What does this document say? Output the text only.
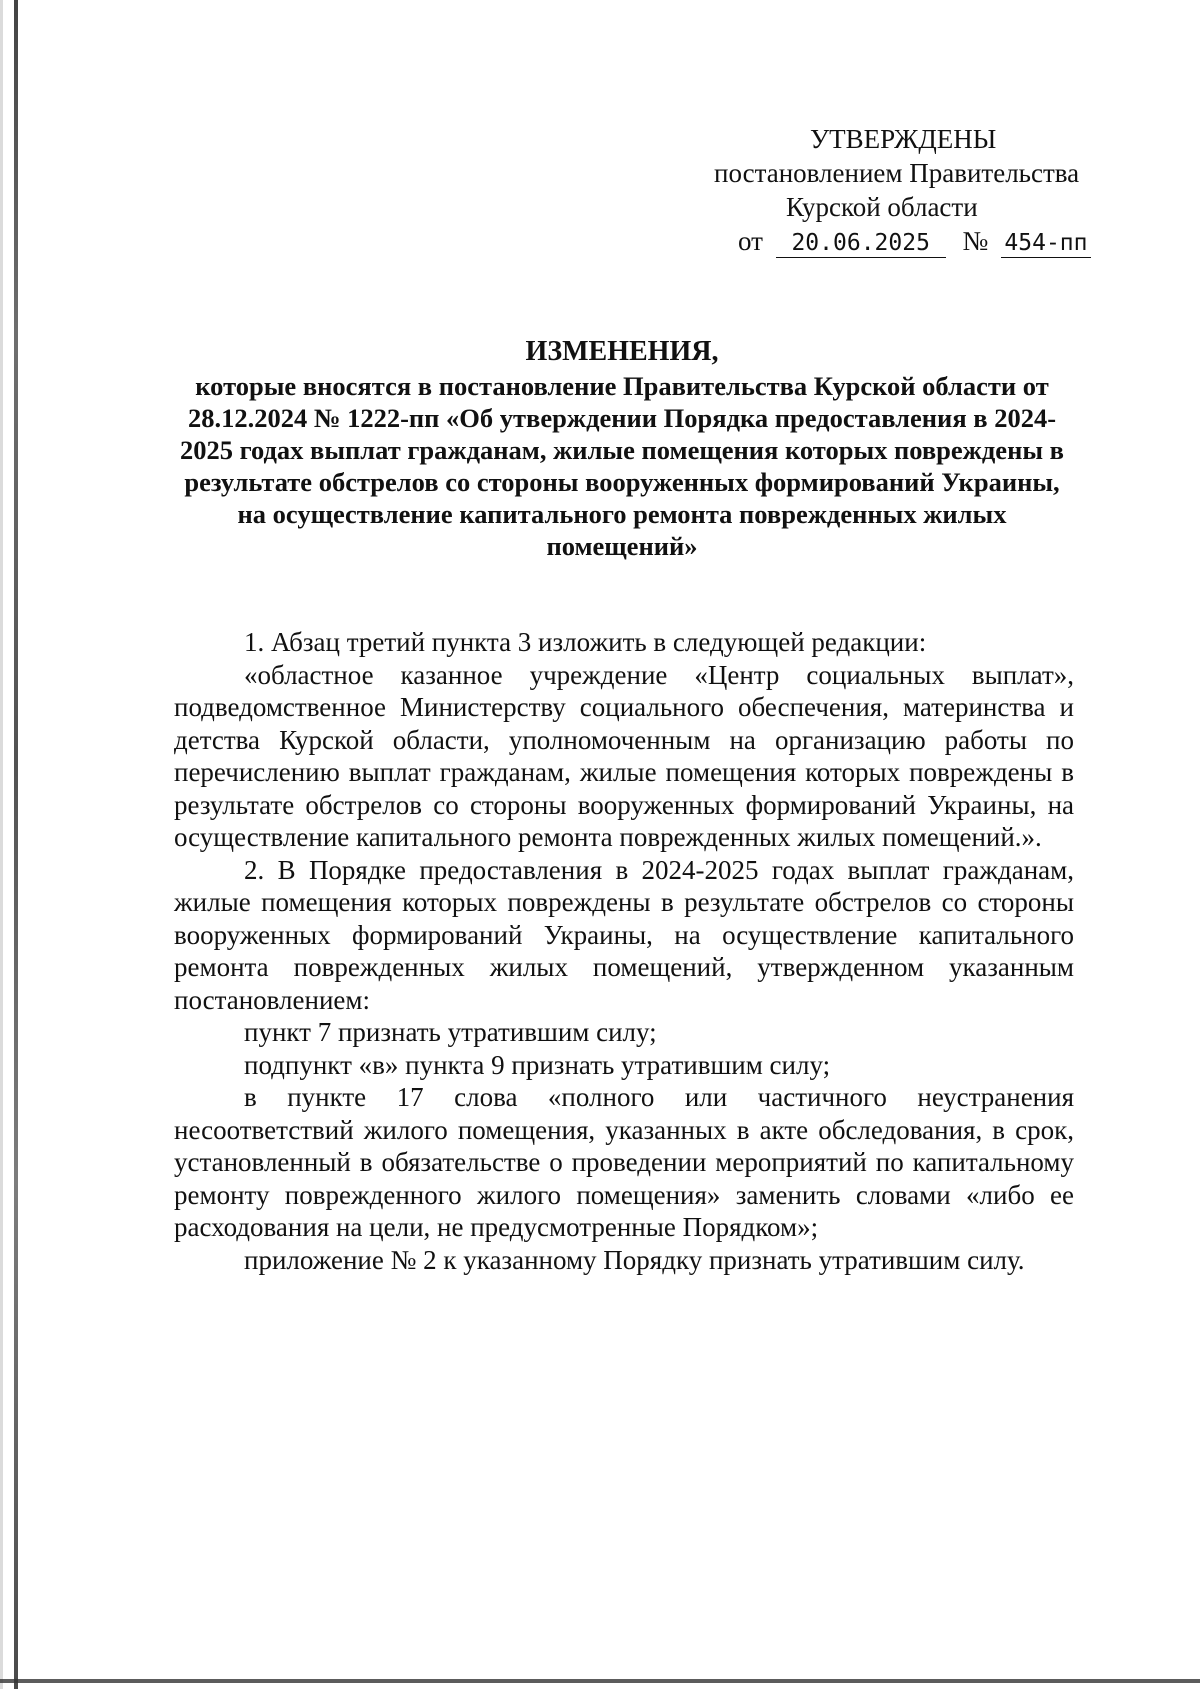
УТВЕРЖДЕНЫ
постановлением Правительства
Курской области
от 20.06.2025 № 454-пп
ИЗМЕНЕНИЯ,
которые вносятся в постановление Правительства Курской области от 28.12.2024 № 1222-пп «Об утверждении Порядка предоставления в 2024-2025 годах выплат гражданам, жилые помещения которых повреждены в результате обстрелов со стороны вооруженных формирований Украины, на осуществление капитального ремонта поврежденных жилых помещений»

1. Абзац третий пункта 3 изложить в следующей редакции:

«областное казанное учреждение «Центр социальных выплат», подведомственное Министерству социального обеспечения, материнства и детства Курской области, уполномоченным на организацию работы по перечислению выплат гражданам, жилые помещения которых повреждены в результате обстрелов со стороны вооруженных формирований Украины, на осуществление капитального ремонта поврежденных жилых помещений.».

2. В Порядке предоставления в 2024-2025 годах выплат гражданам, жилые помещения которых повреждены в результате обстрелов со стороны вооруженных формирований Украины, на осуществление капитального ремонта поврежденных жилых помещений, утвержденном указанным постановлением:

пункт 7 признать утратившим силу;

подпункт «в» пункта 9 признать утратившим силу;

в пункте 17 слова «полного или частичного неустранения несоответствий жилого помещения, указанных в акте обследования, в срок, установленный в обязательстве о проведении мероприятий по капитальному ремонту поврежденного жилого помещения» заменить словами «либо ее расходования на цели, не предусмотренные Порядком»;

приложение № 2 к указанному Порядку признать утратившим силу.
